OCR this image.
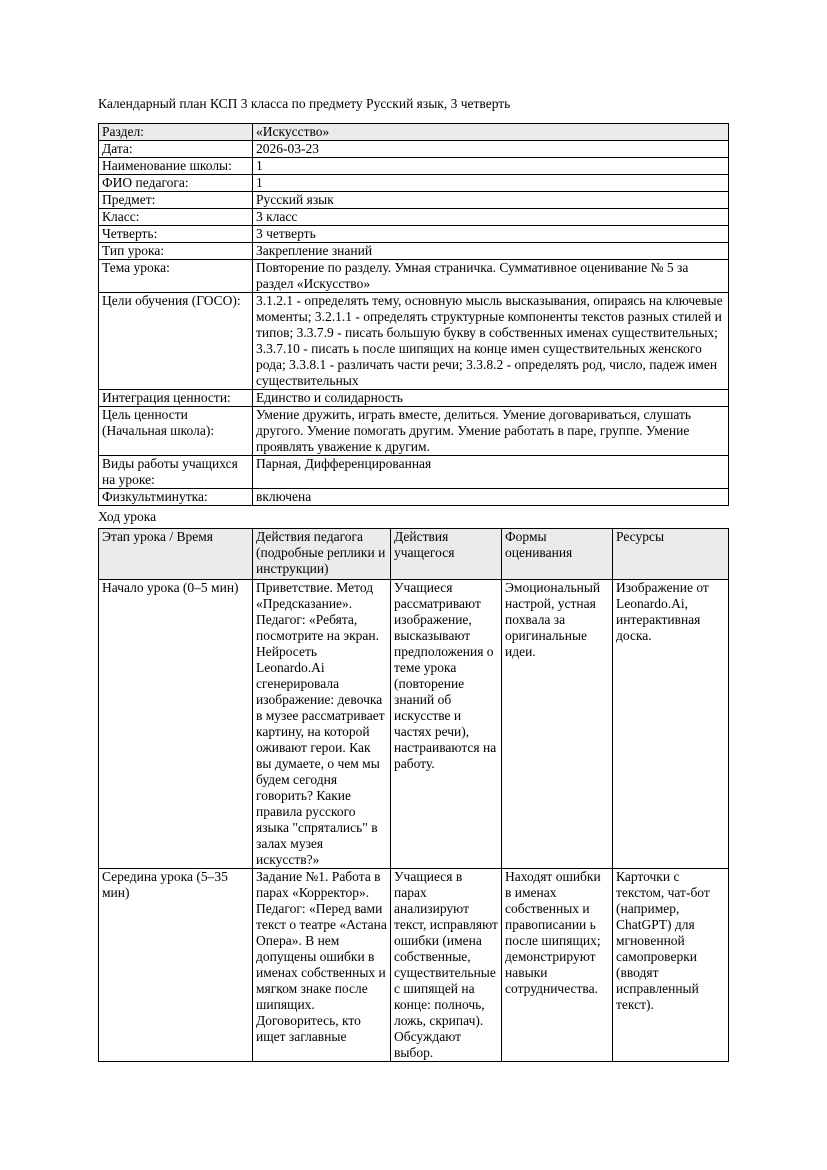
Календарный план КСП 3 класса по предмету Русский язык, 3 четверть

Раздел:	«Искусство»
Дата:	2026-03-23
Наименование школы:	1
ФИО педагога:	1
Предмет:	Русский язык
Класс:	3 класс
Четверть:	3 четверть
Тип урока:	Закрепление знаний
Тема урока:	Повторение по разделу. Умная страничка. Суммативное оценивание № 5 за раздел «Искусство»
Цели обучения (ГОСО):	3.1.2.1 - определять тему, основную мысль высказывания, опираясь на ключевые моменты; 3.2.1.1 - определять структурные компоненты текстов разных стилей и типов; 3.3.7.9 - писать большую букву в собственных именах существительных; 3.3.7.10 - писать ь после шипящих на конце имен существительных женского рода; 3.3.8.1 - различать части речи; 3.3.8.2 - определять род, число, падеж имен существительных
Интеграция ценности:	Единство и солидарность
Цель ценности (Начальная школа):	Умение дружить, играть вместе, делиться. Умение договариваться, слушать другого. Умение помогать другим. Умение работать в паре, группе. Умение проявлять уважение к другим.
Виды работы учащихся на уроке:	Парная, Дифференцированная
Физкультминутка:	включена

Ход урока

Этап урока / Время	Действия педагога (подробные реплики и инструкции)	Действия учащегося	Формы оценивания	Ресурсы
Начало урока (0–5 мин)	Приветствие. Метод «Предсказание». Педагог: «Ребята, посмотрите на экран. Нейросеть Leonardo.Ai сгенерировала изображение: девочка в музее рассматривает картину, на которой оживают герои. Как вы думаете, о чем мы будем сегодня говорить? Какие правила русского языка "спрятались" в залах музея искусств?»	Учащиеся рассматривают изображение, высказывают предположения о теме урока (повторение знаний об искусстве и частях речи), настраиваются на работу.	Эмоциональный настрой, устная похвала за оригинальные идеи.	Изображение от Leonardo.Ai, интерактивная доска.
Середина урока (5–35 мин)	Задание №1. Работа в парах «Корректор». Педагог: «Перед вами текст о театре «Астана Опера». В нем допущены ошибки в именах собственных и мягком знаке после шипящих. Договоритесь, кто ищет заглавные	Учащиеся в парах анализируют текст, исправляют ошибки (имена собственные, существительные с шипящей на конце: полночь, ложь, скрипач). Обсуждают выбор.	Находят ошибки в именах собственных и правописании ь после шипящих; демонстрируют навыки сотрудничества.	Карточки с текстом, чат-бот (например, ChatGPT) для мгновенной самопроверки (вводят исправленный текст).
